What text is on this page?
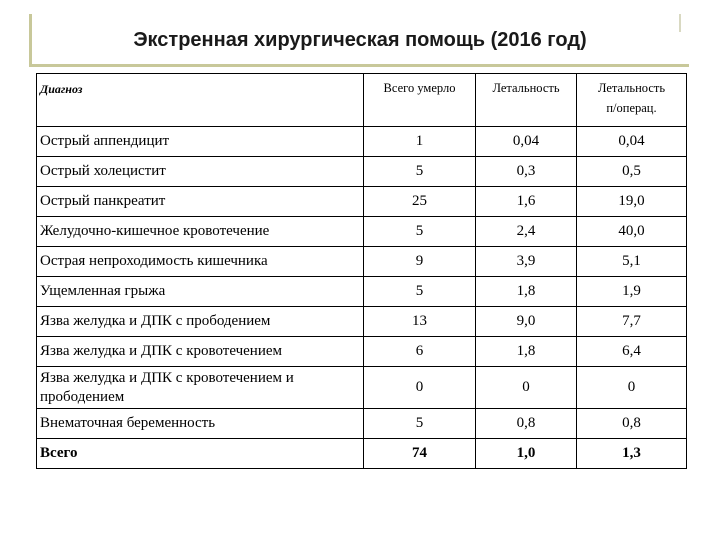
Экстренная хирургическая помощь (2016 год)
Диагноз	Всего умерло	Летальность	Летальность
п/операц.
Острый аппендицит	1	0,04	0,04
Острый холецистит	5	0,3	0,5
Острый панкреатит	25	1,6	19,0
Желудочно-кишечное кровотечение	5	2,4	40,0
Острая непроходимость кишечника	9	3,9	5,1
Ущемленная грыжа	5	1,8	1,9
Язва желудка и ДПК с прободением	13	9,0	7,7
Язва желудка и ДПК с кровотечением	6	1,8	6,4
Язва желудка и ДПК с кровотечением и прободением	0	0	0
Внематочная беременность	5	0,8	0,8
Всего	74	1,0	1,3
